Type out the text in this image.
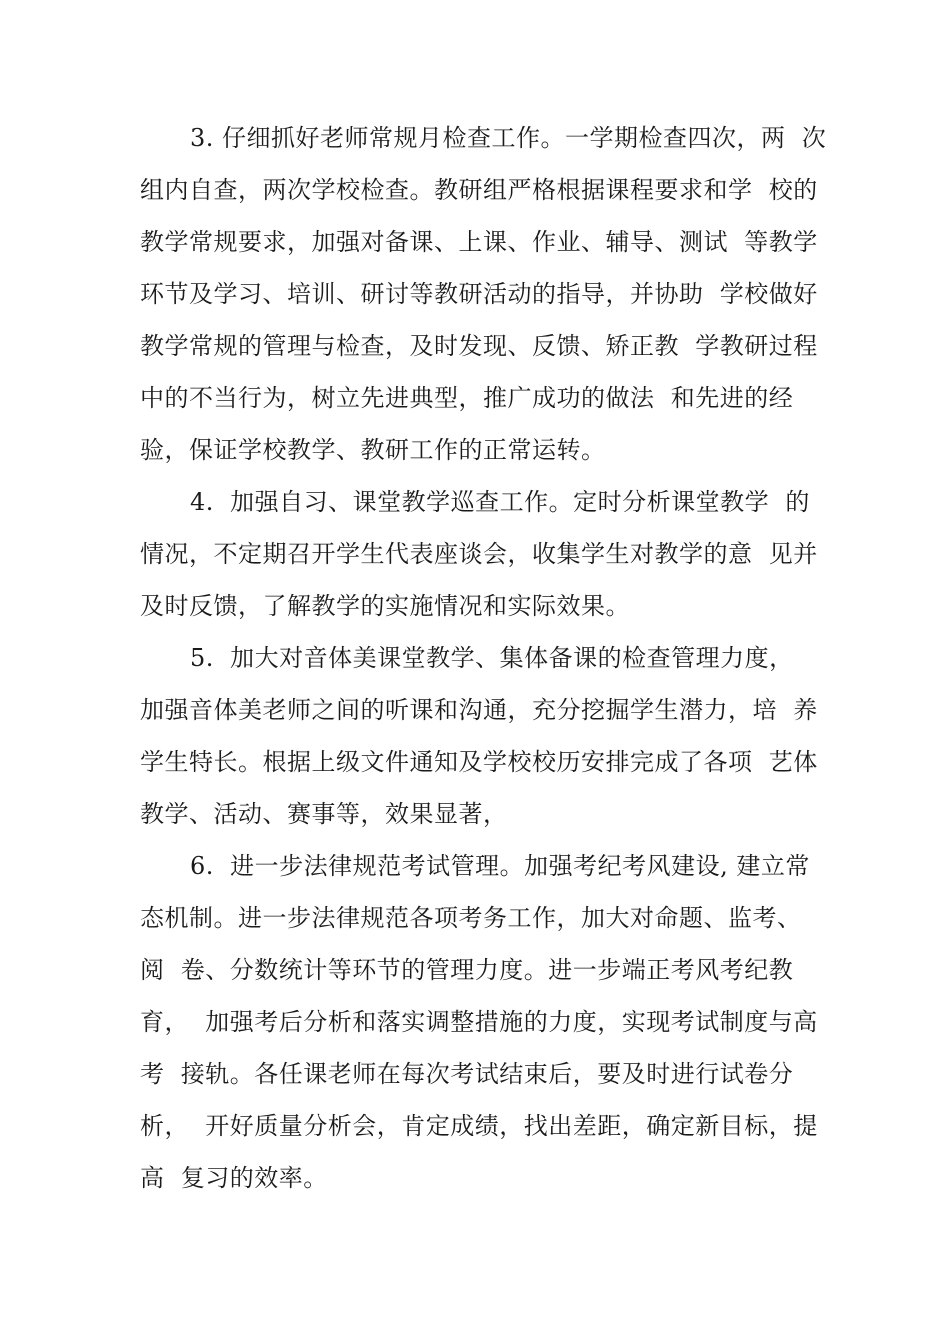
3. 仔细抓好老师常规月检查工作。一学期检查四次，两  次
组内自查，两次学校检查。教研组严格根据课程要求和学  校的
教学常规要求，加强对备课、上课、作业、辅导、测试  等教学
环节及学习、培训、研讨等教研活动的指导，并协助  学校做好
教学常规的管理与检查，及时发现、反馈、矫正教  学教研过程
中的不当行为，树立先进典型，推广成功的做法  和先进的经
验，保证学校教学、教研工作的正常运转。
4.  加强自习、课堂教学巡查工作。定时分析课堂教学  的
情况，不定期召开学生代表座谈会，收集学生对教学的意  见并
及时反馈，了解教学的实施情况和实际效果。
5.  加大对音体美课堂教学、集体备课的检查管理力度，
加强音体美老师之间的听课和沟通，充分挖掘学生潜力，培  养
学生特长。根据上级文件通知及学校校历安排完成了各项  艺体
教学、活动、赛事等，效果显著，
6.  进一步法律规范考试管理。加强考纪考风建设, 建立常
态机制。进一步法律规范各项考务工作，加大对命题、监考、
阅  卷、分数统计等环节的管理力度。进一步端正考风考纪教
育，  加强考后分析和落实调整措施的力度，实现考试制度与高
考  接轨。各任课老师在每次考试结束后，要及时进行试卷分
析，  开好质量分析会，肯定成绩，找出差距，确定新目标，提
高  复习的效率。
